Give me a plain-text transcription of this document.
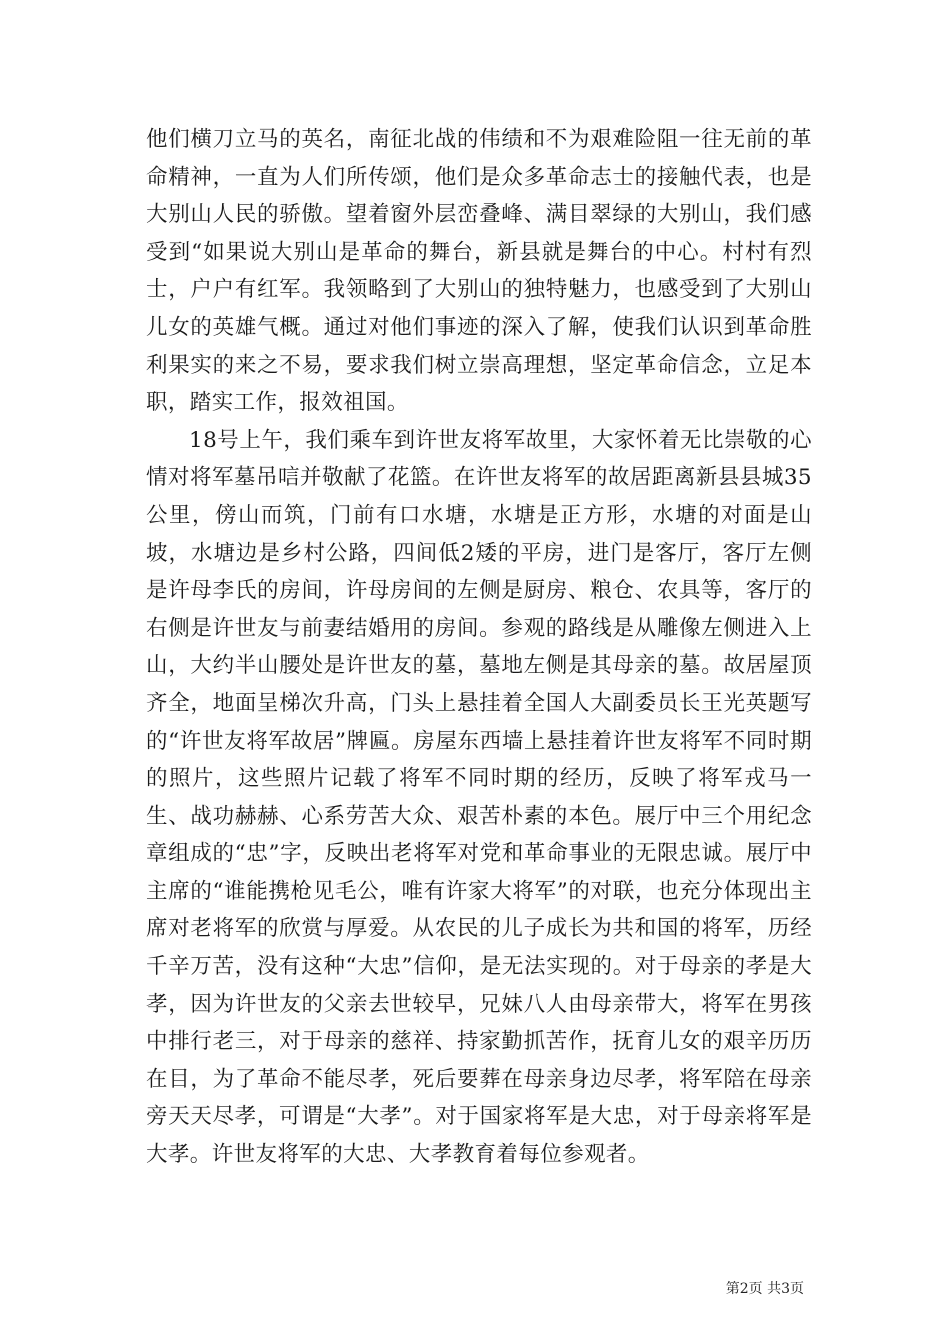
他们横刀立马的英名，南征北战的伟绩和不为艰难险阻一往无前的革命精神，一直为人们所传颂，他们是众多革命志士的接触代表，也是大别山人民的骄傲。望着窗外层峦叠峰、满目翠绿的大别山，我们感受到“如果说大别山是革命的舞台，新县就是舞台的中心。村村有烈士，户户有红军。我领略到了大别山的独特魅力，也感受到了大别山儿女的英雄气概。通过对他们事迹的深入了解，使我们认识到革命胜利果实的来之不易，要求我们树立崇高理想，坚定革命信念，立足本职，踏实工作，报效祖国。

18号上午，我们乘车到许世友将军故里，大家怀着无比崇敬的心情对将军墓吊唁并敬献了花篮。在许世友将军的故居距离新县县城35公里，傍山而筑，门前有口水塘，水塘是正方形，水塘的对面是山坡，水塘边是乡村公路，四间低2矮的平房，进门是客厅，客厅左侧是许母李氏的房间，许母房间的左侧是厨房、粮仓、农具等，客厅的右侧是许世友与前妻结婚用的房间。参观的路线是从雕像左侧进入上山，大约半山腰处是许世友的墓，墓地左侧是其母亲的墓。故居屋顶齐全，地面呈梯次升高，门头上悬挂着全国人大副委员长王光英题写的“许世友将军故居”牌匾。房屋东西墙上悬挂着许世友将军不同时期的照片，这些照片记载了将军不同时期的经历，反映了将军戎马一生、战功赫赫、心系劳苦大众、艰苦朴素的本色。展厅中三个用纪念章组成的“忠”字，反映出老将军对党和革命事业的无限忠诚。展厅中主席的“谁能携枪见毛公，唯有许家大将军”的对联，也充分体现出主席对老将军的欣赏与厚爱。从农民的儿子成长为共和国的将军，历经千辛万苦，没有这种“大忠”信仰，是无法实现的。对于母亲的孝是大孝，因为许世友的父亲去世较早，兄妹八人由母亲带大，将军在男孩中排行老三，对于母亲的慈祥、持家勤抓苦作，抚育儿女的艰辛历历在目，为了革命不能尽孝，死后要葬在母亲身边尽孝，将军陪在母亲旁天天尽孝，可谓是“大孝”。对于国家将军是大忠，对于母亲将军是大孝。许世友将军的大忠、大孝教育着每位参观者。

第2页 共3页
